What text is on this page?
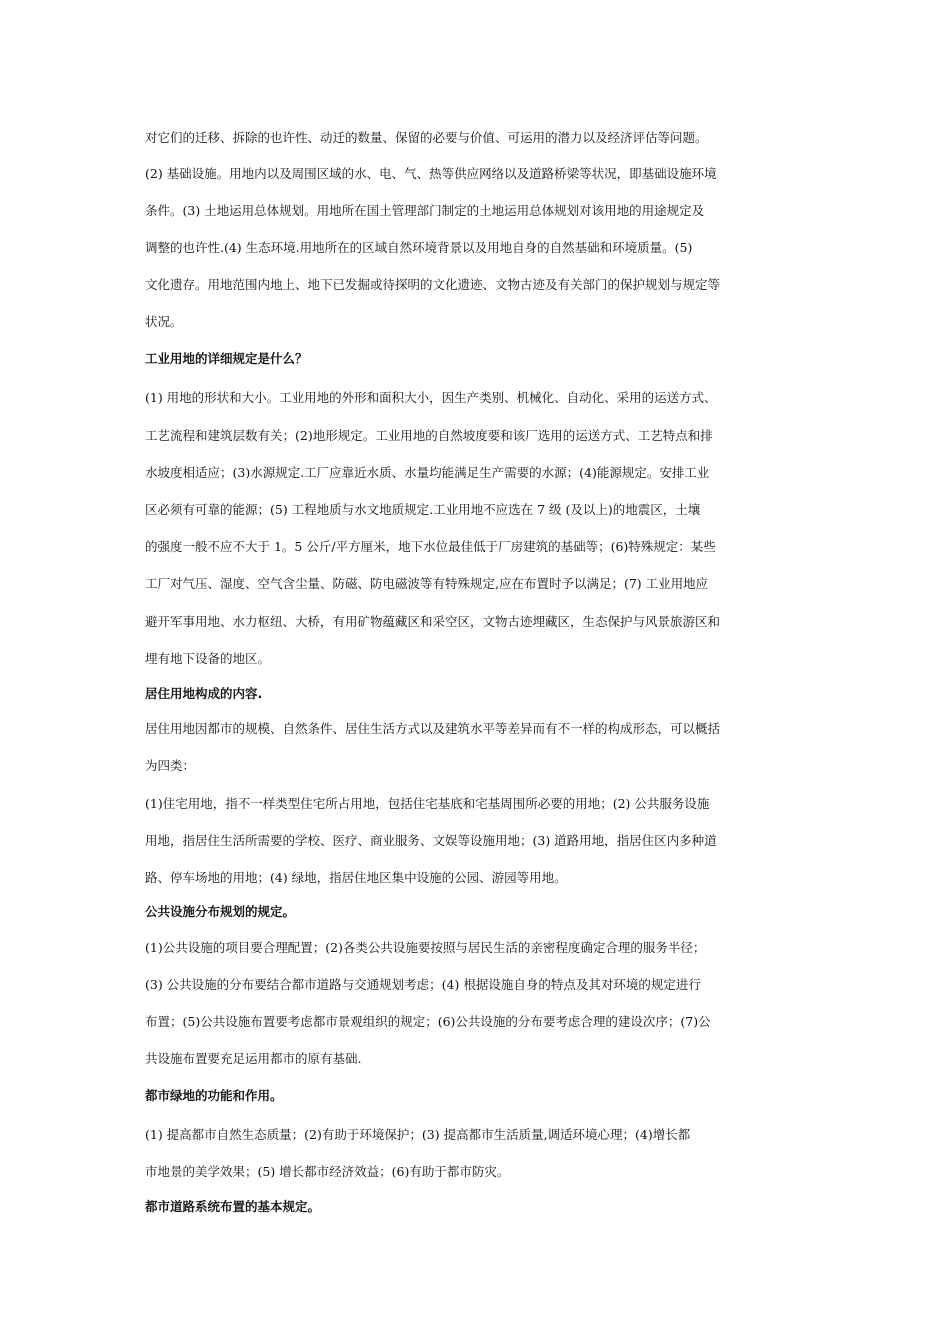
对它们的迁移、拆除的也许性、动迁的数量、保留的必要与价值、可运用的潜力以及经济评估等问题。
(2) 基础设施。用地内以及周围区域的水、电、气、热等供应网络以及道路桥梁等状况，即基础设施环境
条件。(3) 土地运用总体规划。用地所在国土管理部门制定的土地运用总体规划对该用地的用途规定及
调整的也许性.(4) 生态环境.用地所在的区域自然环境背景以及用地自身的自然基础和环境质量。(5)
文化遗存。用地范围内地上、地下已发掘或待探明的文化遗迹、文物古迹及有关部门的保护规划与规定等
状况。
工业用地的详细规定是什么？
(1) 用地的形状和大小。工业用地的外形和面积大小，因生产类别、机械化、自动化、采用的运送方式、
工艺流程和建筑层数有关；(2)地形规定。工业用地的自然坡度要和该厂选用的运送方式、工艺特点和排
水坡度相适应；(3)水源规定.工厂应靠近水质、水量均能满足生产需要的水源；(4)能源规定。安排工业
区必须有可靠的能源；(5) 工程地质与水文地质规定.工业用地不应选在 7 级 (及以上)的地震区，土壤
的强度一般不应不大于 1。5 公斤/平方厘米，地下水位最佳低于厂房建筑的基础等；(6)特殊规定：某些
工厂对气压、湿度、空气含尘量、防磁、防电磁波等有特殊规定,应在布置时予以满足；(7) 工业用地应
避开军事用地、水力枢纽、大桥，有用矿物蕴藏区和采空区，文物古迹埋藏区，生态保护与风景旅游区和
埋有地下设备的地区。
居住用地构成的内容.
居住用地因都市的规模、自然条件、居住生活方式以及建筑水平等差异而有不一样的构成形态，可以概括
为四类：
(1)住宅用地，指不一样类型住宅所占用地，包括住宅基底和宅基周围所必要的用地；(2) 公共服务设施
用地，指居住生活所需要的学校、医疗、商业服务、文娱等设施用地；(3) 道路用地，指居住区内多种道
路、停车场地的用地；(4) 绿地，指居住地区集中设施的公园、游园等用地。
公共设施分布规划的规定。
(1)公共设施的项目要合理配置；(2)各类公共设施要按照与居民生活的亲密程度确定合理的服务半径；
(3) 公共设施的分布要结合都市道路与交通规划考虑；(4) 根据设施自身的特点及其对环境的规定进行
布置；(5)公共设施布置要考虑都市景观组织的规定；(6)公共设施的分布要考虑合理的建设次序；(7)公
共设施布置要充足运用都市的原有基础.
都市绿地的功能和作用。
(1) 提高都市自然生态质量；(2)有助于环境保护；(3) 提高都市生活质量,调适环境心理；(4)增长都
市地景的美学效果；(5) 增长都市经济效益；(6)有助于都市防灾。
都市道路系统布置的基本规定。
